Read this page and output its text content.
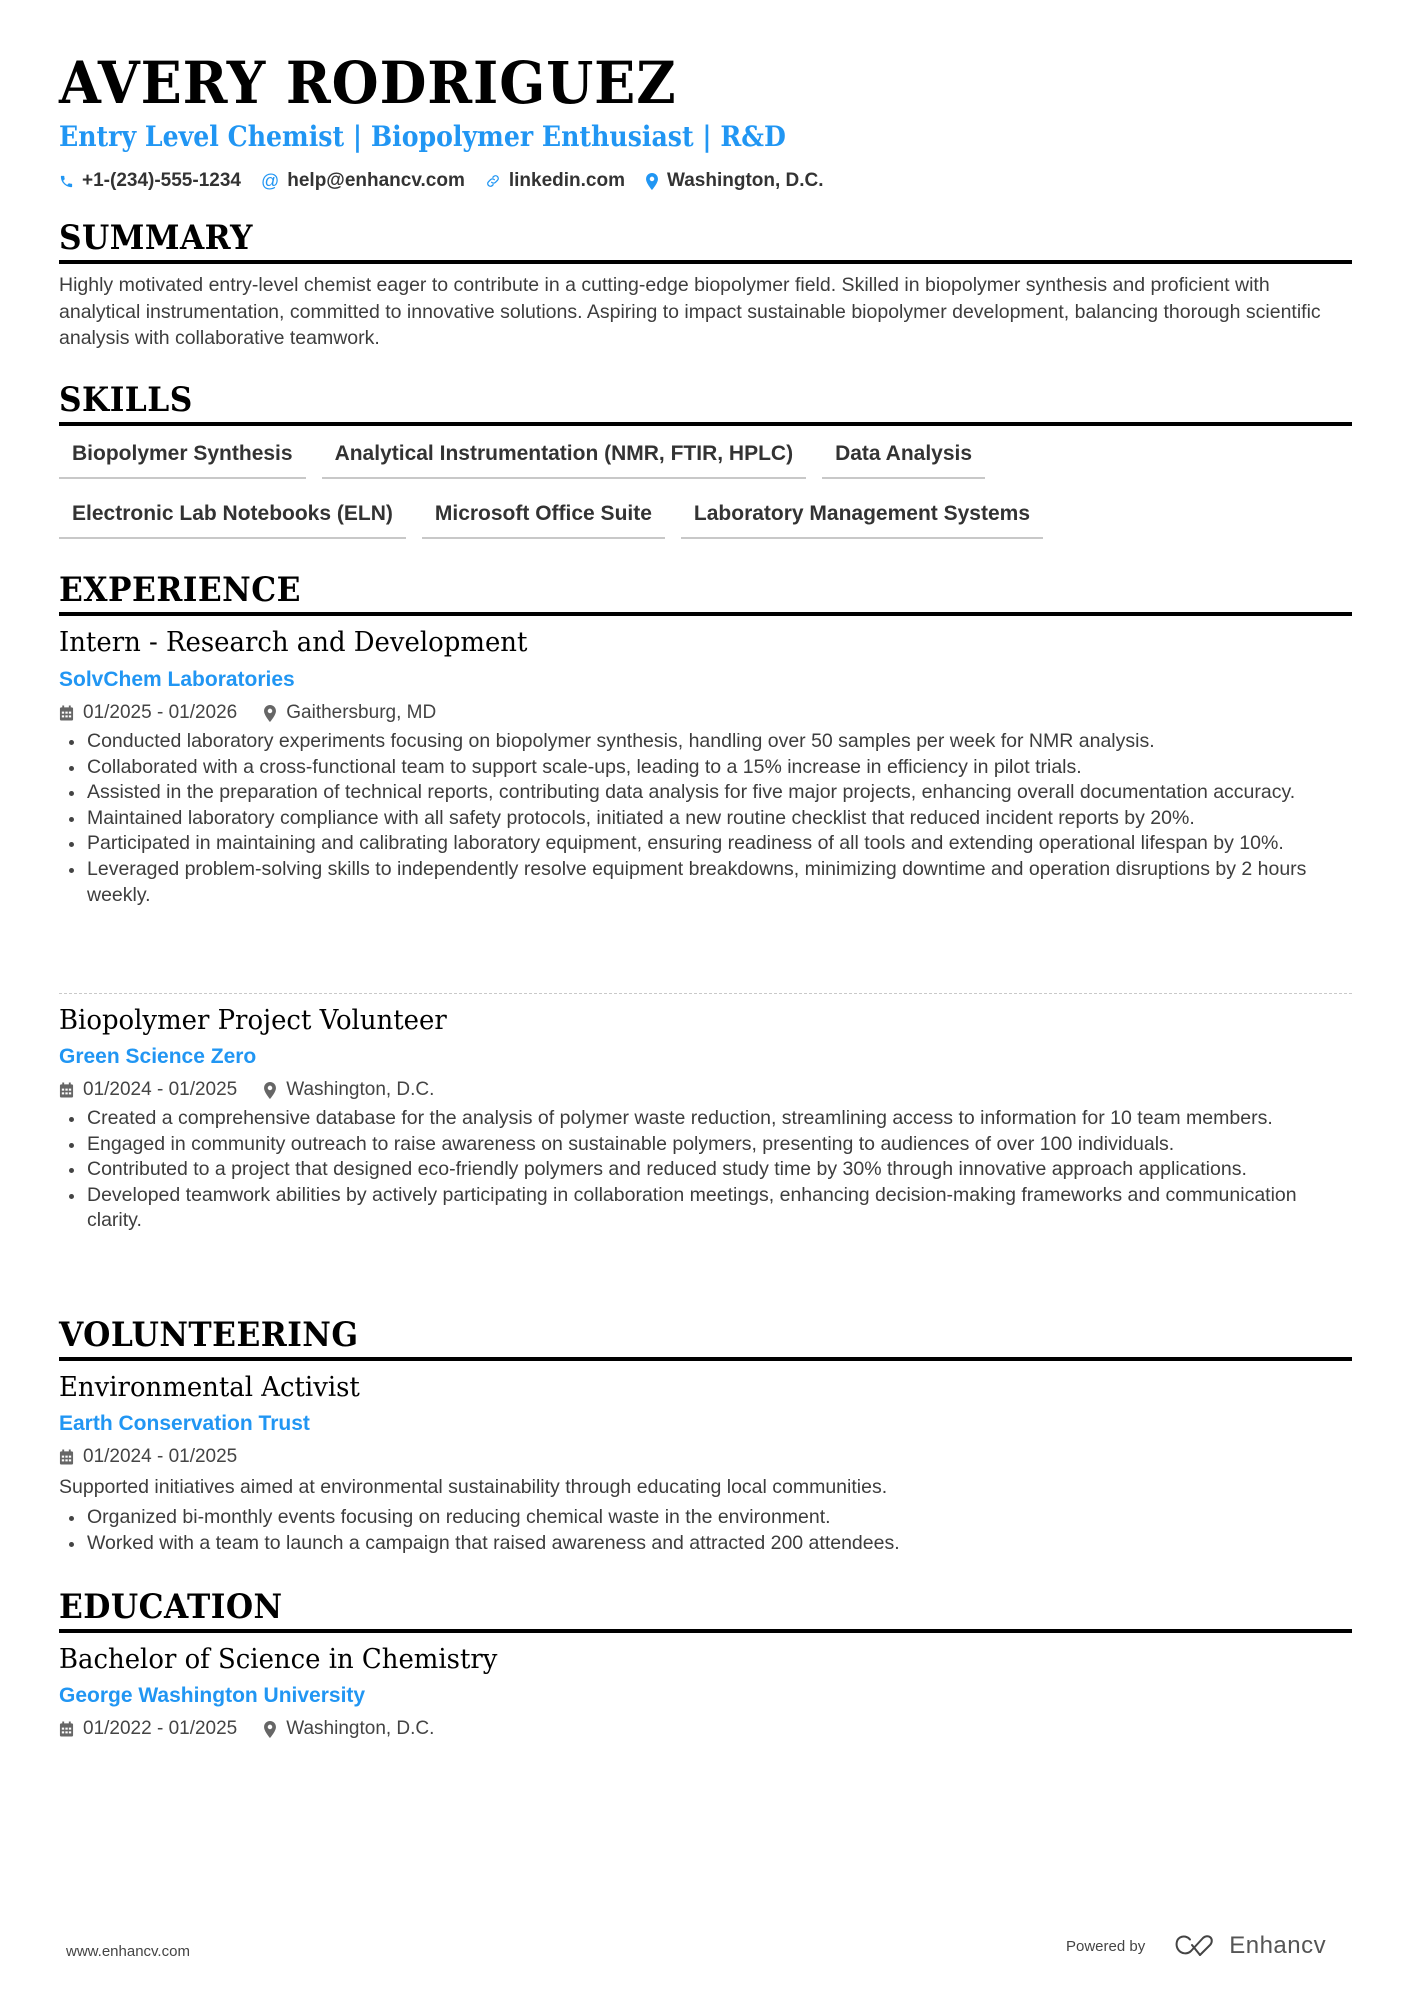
AVERY RODRIGUEZ
Entry Level Chemist | Biopolymer Enthusiast | R&D
+1-(234)-555-1234 @ help@enhancv.com linkedin.com Washington, D.C.
SUMMARY

Highly motivated entry-level chemist eager to contribute in a cutting-edge biopolymer field. Skilled in biopolymer synthesis and proficient with analytical instrumentation, committed to innovative solutions. Aspiring to impact sustainable biopolymer development, balancing thorough scientific analysis with collaborative teamwork.

SKILLS
Biopolymer Synthesis	Analytical Instrumentation (NMR, FTIR, HPLC)	Data Analysis
Electronic Lab Notebooks (ELN)	Microsoft Office Suite	Laboratory Management Systems
EXPERIENCE
Intern - Research and Development
SolvChem Laboratories
01/2025 - 01/2026	Gaithersburg, MD
Conducted laboratory experiments focusing on biopolymer synthesis, handling over 50 samples per week for NMR analysis.
Collaborated with a cross-functional team to support scale-ups, leading to a 15% increase in efficiency in pilot trials.
Assisted in the preparation of technical reports, contributing data analysis for five major projects, enhancing overall documentation accuracy.
Maintained laboratory compliance with all safety protocols, initiated a new routine checklist that reduced incident reports by 20%.
Participated in maintaining and calibrating laboratory equipment, ensuring readiness of all tools and extending operational lifespan by 10%.
Leveraged problem-solving skills to independently resolve equipment breakdowns, minimizing downtime and operation disruptions by 2 hours weekly.
Biopolymer Project Volunteer
Green Science Zero
01/2024 - 01/2025	Washington, D.C.
Created a comprehensive database for the analysis of polymer waste reduction, streamlining access to information for 10 team members.
Engaged in community outreach to raise awareness on sustainable polymers, presenting to audiences of over 100 individuals.
Contributed to a project that designed eco-friendly polymers and reduced study time by 30% through innovative approach applications.
Developed teamwork abilities by actively participating in collaboration meetings, enhancing decision-making frameworks and communication clarity.
VOLUNTEERING
Environmental Activist
Earth Conservation Trust
01/2024 - 01/2025
Supported initiatives aimed at environmental sustainability through educating local communities.
Organized bi-monthly events focusing on reducing chemical waste in the environment.
Worked with a team to launch a campaign that raised awareness and attracted 200 attendees.
EDUCATION
Bachelor of Science in Chemistry
George Washington University
01/2022 - 01/2025	Washington, D.C.
www.enhancv.com	Powered by	Enhancv
